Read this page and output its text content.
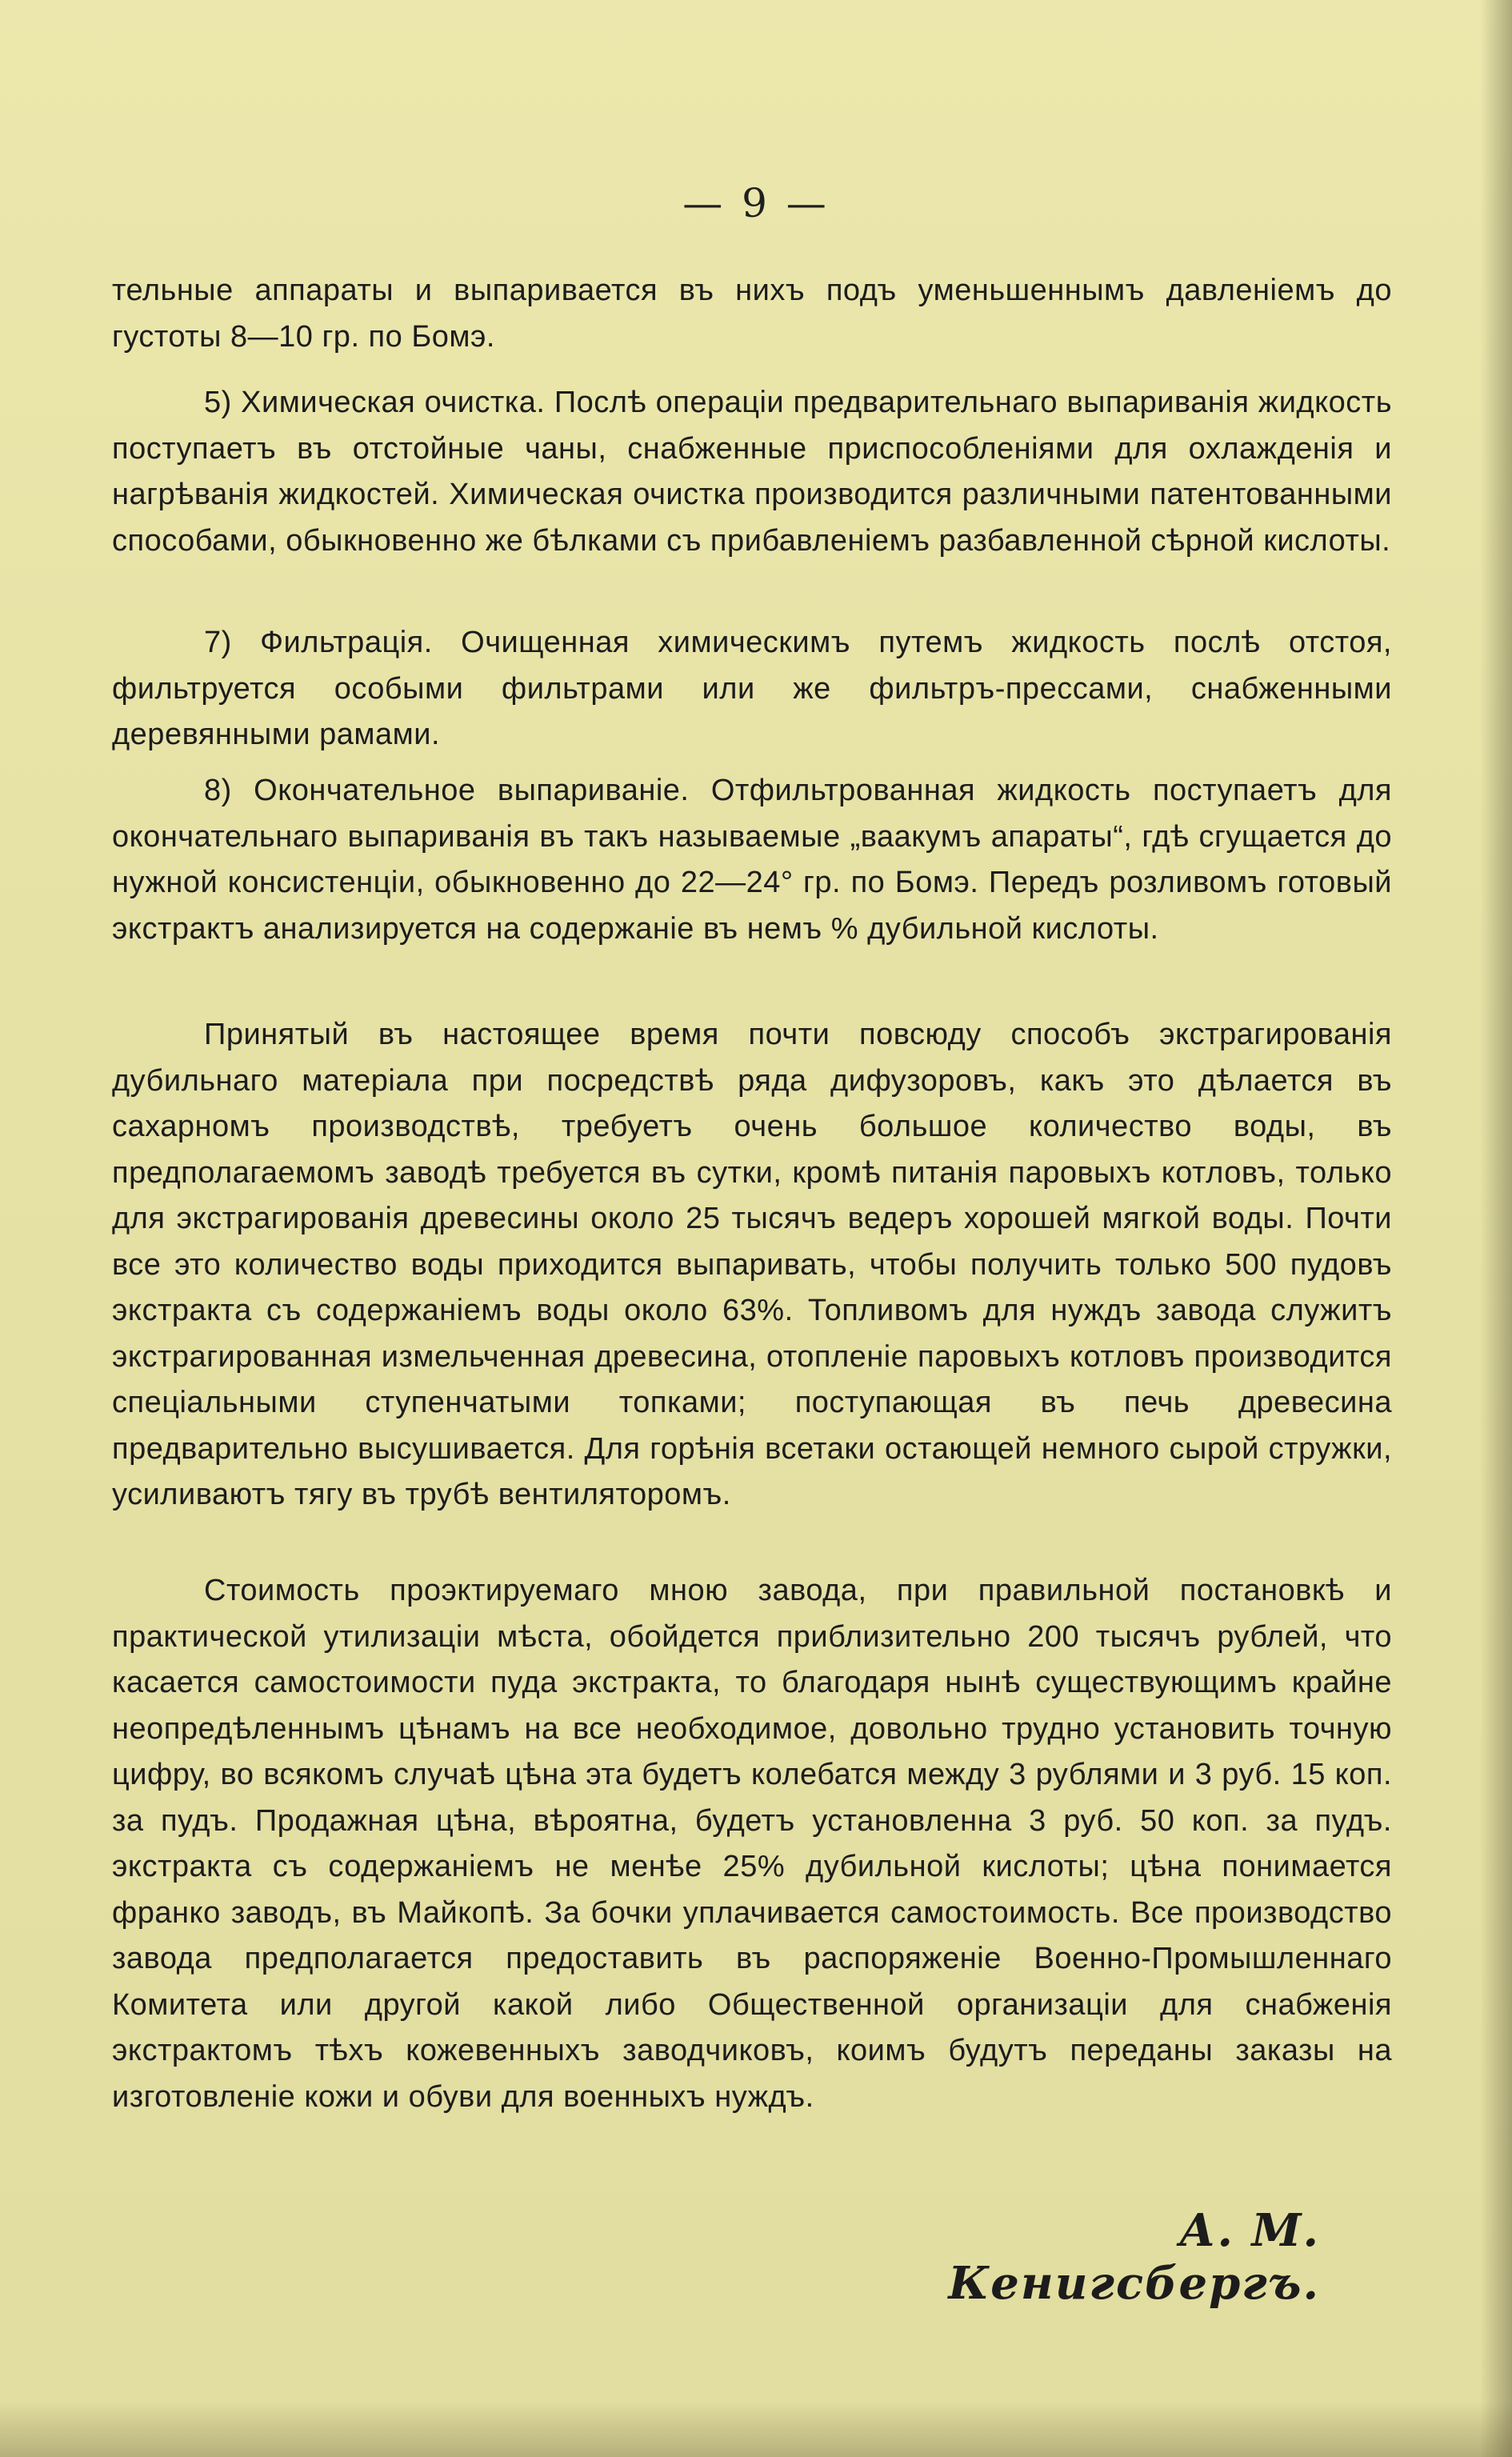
— 9 —

тельные аппараты и выпаривается въ нихъ подъ уменьшеннымъ давленіемъ до густоты 8—10 гр. по Бомэ.

5) Химическая очистка. Послѣ операціи предварительнаго выпариванія жидкость поступаетъ въ отстойные чаны, снабженные приспособленіями для охлажденія и нагрѣванія жидкостей. Химическая очистка производится различными патентованными способами, обыкновенно же бѣлками съ прибавленіемъ разбавленной сѣрной кислоты.

7) Фильтрація. Очищенная химическимъ путемъ жидкость послѣ отстоя, фильтруется особыми фильтрами или же фильтръ-прессами, снабженными деревянными рамами.

8) Окончательное выпариваніе. Отфильтрованная жидкость поступаетъ для окончательнаго выпариванія въ такъ называемые „ваакумъ апараты“, гдѣ сгущается до нужной консистенціи, обыкновенно до 22—24° гр. по Бомэ. Передъ розливомъ готовый экстрактъ анализируется на содержаніе въ немъ % дубильной кислоты.

Принятый въ настоящее время почти повсюду способъ экстрагированія дубильнаго матеріала при посредствѣ ряда дифузоровъ, какъ это дѣлается въ сахарномъ производствѣ, требуетъ очень большое количество воды, въ предполагаемомъ заводѣ требуется въ сутки, кромѣ питанія паровыхъ котловъ, только для экстрагированія древесины около 25 тысячъ ведеръ хорошей мягкой воды. Почти все это количество воды приходится выпаривать, чтобы получить только 500 пудовъ экстракта съ содержаніемъ воды около 63%. Топливомъ для нуждъ завода служитъ экстрагированная измельченная древесина, отопленіе паровыхъ котловъ производится спеціальными ступенчатыми топками; поступающая въ печь древесина предварительно высушивается. Для горѣнія всетаки остающей немного сырой стружки, усиливаютъ тягу въ трубѣ вентиляторомъ.

Стоимость проэктируемаго мною завода, при правильной постановкѣ и практической утилизаціи мѣста, обойдется приблизительно 200 тысячъ рублей, что касается самостоимости пуда экстракта, то благодаря нынѣ существующимъ крайне неопредѣленнымъ цѣнамъ на все необходимое, довольно трудно установить точную цифру, во всякомъ случаѣ цѣна эта будетъ колебатся между 3 рублями и 3 руб. 15 коп. за пудъ. Продажная цѣна, вѣроятна, будетъ установленна 3 руб. 50 коп. за пудъ. экстракта съ содержаніемъ не менѣе 25% дубильной кислоты; цѣна понимается франко заводъ, въ Майкопѣ. За бочки уплачивается самостоимость. Все производство завода предполагается предоставить въ распоряженіе Военно-Промышленнаго Комитета или другой какой либо Общественной организаціи для снабженія экстрактомъ тѣхъ кожевенныхъ заводчиковъ, коимъ будутъ переданы заказы на изготовленіе кожи и обуви для военныхъ нуждъ.

А. М. Кенигсбергъ.
